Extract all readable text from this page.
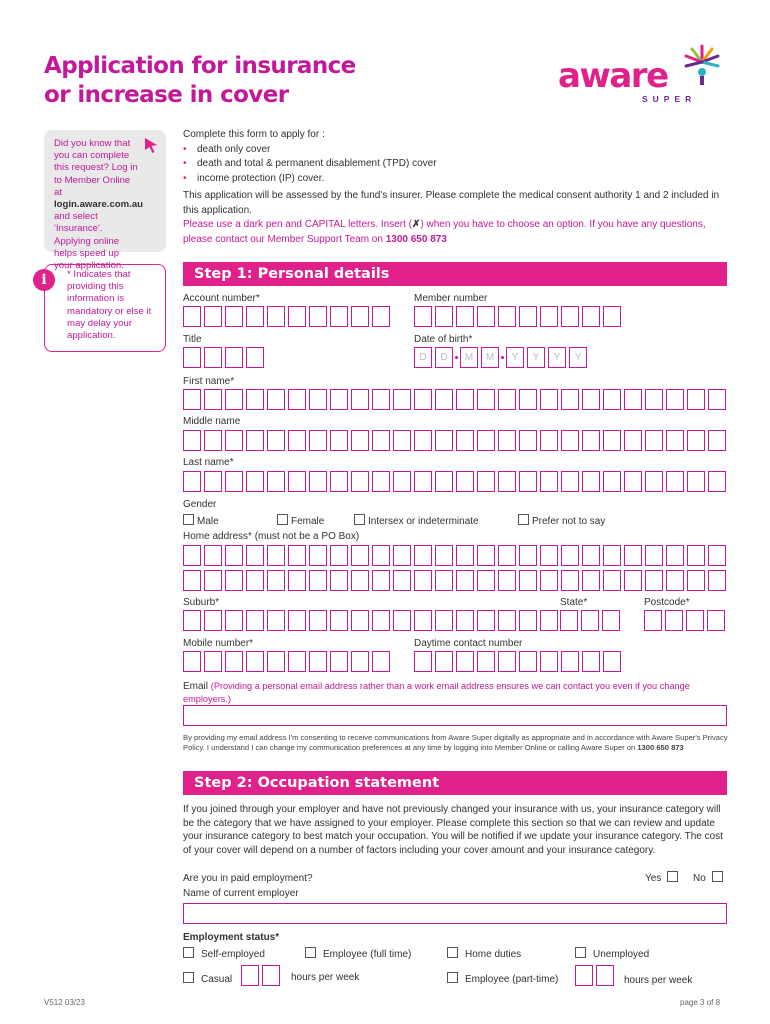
Application for insurance
or increase in cover	aware
SUPER
Did you know that you can complete this request? Log in to Member Online at login.aware.com.au and select 'Insurance'. Applying online helps speed up your application.
i	* Indicates that providing this information is mandatory or else it may delay your application.
Complete this form to apply for :
• death only cover
• death and total & permanent disablement (TPD) cover
• income protection (IP) cover.
This application will be assessed by the fund's insurer. Please complete the medical consent authority 1 and 2 included in this application.
Please use a dark pen and CAPITAL letters. Insert (✗) when you have to choose an option. If you have any questions, please contact our Member Support Team on 1300 650 873
Step 1: Personal details
Account number*	Member number
Title	Date of birth*
D	D	M	M	Y	Y	Y	Y
First name*
Middle name
Last name*
Gender
Male	Female	Intersex or indeterminate	Prefer not to say
Home address* (must not be a PO Box)
Suburb*	State*	Postcode*
Mobile number*	Daytime contact number
Email (Providing a personal email address rather than a work email address ensures we can contact you even if you change employers.)
By providing my email address I'm consenting to receive communications from Aware Super digitally as appropriate and in accordance with Aware Super's Privacy Policy. I understand I can change my communication preferences at any time by logging into Member Online or calling Aware Super on 1300 650 873
Step 2: Occupation statement
If you joined through your employer and have not previously changed your insurance with us, your insurance category will be the category that we have assigned to your employer. Please complete this section so that we can review and update your insurance category to best match your occupation. You will be notified if we update your insurance category. The cost of your cover will depend on a number of factors including your cover amount and your insurance category.
Are you in paid employment?	Yes	No
Name of current employer
Employment status*
Self-employed	Employee (full time)	Home duties	Unemployed
Casual	hours per week	Employee (part-time)	hours per week
V512 03/23	page 3 of 8
